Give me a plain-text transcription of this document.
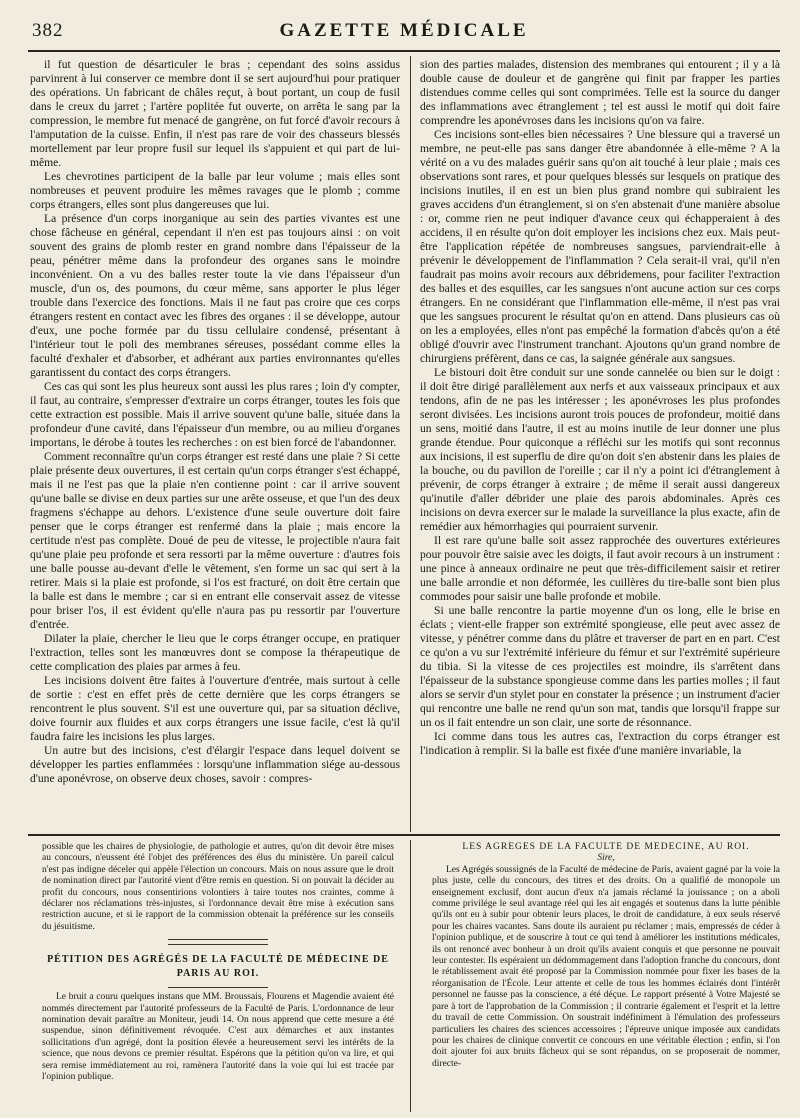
382	GAZETTE MÉDICALE

il fut question de désarticuler le bras ; cependant des soins assidus parvinrent à lui conserver ce membre dont il se sert aujourd'hui pour pratiquer des opérations. Un fabricant de châles reçut, à bout portant, un coup de fusil dans le creux du jarret ; l'artère poplitée fut ouverte, on arrêta le sang par la compression, le membre fut menacé de gangrène, on fut forcé d'avoir recours à l'amputation de la cuisse. Enfin, il n'est pas rare de voir des chasseurs blessés mortellement par leur propre fusil sur lequel ils s'appuient et qui part de lui-même.

Les chevrotines participent de la balle par leur volume ; mais elles sont nombreuses et peuvent produire les mêmes ravages que le plomb ; comme corps étrangers, elles sont plus dangereuses que lui.

La présence d'un corps inorganique au sein des parties vivantes est une chose fâcheuse en général, cependant il n'en est pas toujours ainsi : on voit souvent des grains de plomb rester en grand nombre dans l'épaisseur de la peau, pénétrer même dans la profondeur des organes sans le moindre inconvénient. On a vu des balles rester toute la vie dans l'épaisseur d'un muscle, d'un os, des poumons, du cœur même, sans apporter le plus léger trouble dans l'exercice des fonctions. Mais il ne faut pas croire que ces corps étrangers restent en contact avec les fibres des organes : il se développe, autour d'eux, une poche formée par du tissu cellulaire condensé, présentant à l'intérieur tout le poli des membranes séreuses, possédant comme elles la faculté d'exhaler et d'absorber, et adhérant aux parties environnantes qu'elles garantissent du contact des corps étrangers.

Ces cas qui sont les plus heureux sont aussi les plus rares ; loin d'y compter, il faut, au contraire, s'empresser d'extraire un corps étranger, toutes les fois que cette extraction est possible. Mais il arrive souvent qu'une balle, située dans la profondeur d'une cavité, dans l'épaisseur d'un membre, ou au milieu d'organes importans, le dérobe à toutes les recherches : on est bien forcé de l'abandonner.

Comment reconnaître qu'un corps étranger est resté dans une plaie ? Si cette plaie présente deux ouvertures, il est certain qu'un corps étranger s'est échappé, mais il ne l'est pas que la plaie n'en contienne point : car il arrive souvent qu'une balle se divise en deux parties sur une arête osseuse, et que l'un des deux fragmens s'échappe au dehors. L'existence d'une seule ouverture doit faire penser que le corps étranger est renfermé dans la plaie ; mais encore la certitude n'est pas complète. Doué de peu de vitesse, le projectible n'aura fait qu'une plaie peu profonde et sera ressorti par la même ouverture : d'autres fois une balle pousse au-devant d'elle le vêtement, s'en forme un sac qui sert à la retirer. Mais si la plaie est profonde, si l'os est fracturé, on doit être certain que la balle est dans le membre ; car si en entrant elle conservait assez de vitesse pour briser l'os, il est évident qu'elle n'aura pas pu ressortir par l'ouverture d'entrée.

Dilater la plaie, chercher le lieu que le corps étranger occupe, en pratiquer l'extraction, telles sont les manœuvres dont se compose la thérapeutique de cette complication des plaies par armes à feu.

Les incisions doivent être faites à l'ouverture d'entrée, mais surtout à celle de sortie : c'est en effet près de cette dernière que les corps étrangers se rencontrent le plus souvent. S'il est une ouverture qui, par sa situation déclive, doive fournir aux fluides et aux corps étrangers une issue facile, c'est là qu'il faudra faire les incisions les plus larges.

Un autre but des incisions, c'est d'élargir l'espace dans lequel doivent se développer les parties enflammées : lorsqu'une inflammation siége au-dessous d'une aponévrose, on observe deux choses, savoir : compres-

sion des parties malades, distension des membranes qui entourent ; il y a là double cause de douleur et de gangrène qui finit par frapper les parties distendues comme celles qui sont comprimées. Telle est la source du danger des inflammations avec étranglement ; tel est aussi le motif qui doit faire comprendre les aponévroses dans les incisions qu'on va faire.

Ces incisions sont-elles bien nécessaires ? Une blessure qui a traversé un membre, ne peut-elle pas sans danger être abandonnée à elle-même ? A la vérité on a vu des malades guérir sans qu'on ait touché à leur plaie ; mais ces observations sont rares, et pour quelques blessés sur lesquels on pratique des incisions inutiles, il en est un bien plus grand nombre qui subiraient les graves accidens d'un étranglement, si on s'en abstenait d'une manière absolue : or, comme rien ne peut indiquer d'avance ceux qui échapperaient à des accidens, il en résulte qu'on doit employer les incisions chez eux. Mais peut-être l'application répétée de nombreuses sangsues, parviendrait-elle à prévenir le développement de l'inflammation ? Cela serait-il vrai, qu'il n'en faudrait pas moins avoir recours aux débridemens, pour faciliter l'extraction des balles et des esquilles, car les sangsues n'ont aucune action sur ces corps étrangers. En ne considérant que l'inflammation elle-même, il n'est pas vrai que les sangsues procurent le résultat qu'on en attend. Dans plusieurs cas où on les a employées, elles n'ont pas empêché la formation d'abcès qu'on a été obligé d'ouvrir avec l'instrument tranchant. Ajoutons qu'un grand nombre de chirurgiens préfèrent, dans ce cas, la saignée générale aux sangsues.

Le bistouri doit être conduit sur une sonde cannelée ou bien sur le doigt : il doit être dirigé parallèlement aux nerfs et aux vaisseaux principaux et aux tendons, afin de ne pas les intéresser ; les aponévroses les plus profondes seront divisées. Les incisions auront trois pouces de profondeur, moitié dans un sens, moitié dans l'autre, il est au moins inutile de leur donner une plus grande étendue. Pour quiconque a réfléchi sur les motifs qui sont reconnus aux incisions, il est superflu de dire qu'on doit s'en abstenir dans les plaies de la bouche, ou du pavillon de l'oreille ; car il n'y a point ici d'étranglement à prévenir, de corps étranger à extraire ; de même il serait aussi dangereux qu'inutile d'aller débrider une plaie des parois abdominales. Après ces incisions on devra exercer sur le malade la surveillance la plus exacte, afin de remédier aux hémorrhagies qui pourraient survenir.

Il est rare qu'une balle soit assez rapprochée des ouvertures extérieures pour pouvoir être saisie avec les doigts, il faut avoir recours à un instrument : une pince à anneaux ordinaire ne peut que très-difficilement saisir et retirer une balle arrondie et non déformée, les cuillères du tire-balle sont bien plus commodes pour saisir une balle profonde et mobile.

Si une balle rencontre la partie moyenne d'un os long, elle le brise en éclats ; vient-elle frapper son extrémité spongieuse, elle peut avec assez de vitesse, y pénétrer comme dans du plâtre et traverser de part en en part. C'est ce qu'on a vu sur l'extrémité inférieure du fémur et sur l'extrémité supérieure du tibia. Si la vitesse de ces projectiles est moindre, ils s'arrêtent dans l'épaisseur de la substance spongieuse comme dans les parties molles ; il faut alors se servir d'un stylet pour en constater la présence ; un instrument d'acier qui rencontre une balle ne rend qu'un son mat, tandis que lorsqu'il frappe sur un os il fait entendre un son clair, une sorte de résonnance.

Ici comme dans tous les autres cas, l'extraction du corps étranger est l'indication à remplir. Si la balle est fixée d'une manière invariable, la

possible que les chaires de physiologie, de pathologie et autres, qu'on dit devoir être mises au concours, n'eussent été l'objet des préférences des élus du ministère. Un pareil calcul n'est pas indigne déceler qui appèle l'élection un concours. Mais on nous assure que le droit de nomination direct par l'autorité vient d'être remis en question. Si on pouvait la décider au profit du concours, nous consentirions volontiers à taire toutes nos craintes, comme à déclarer nos réclamations très-injustes, si l'ordonnance devait être mise à exécution sans restriction aucune, et si le rapport de la commission obtenait la préférence sur les conseils du jésuitisme.

PÉTITION DES AGRÉGÉS DE LA FACULTÉ DE MÉDECINE DE PARIS AU ROI.

Le bruit a couru quelques instans que MM. Broussais, Flourens et Magendie avaient été nommés directement par l'autorité professeurs de la Faculté de Paris. L'ordonnance de leur nomination devait paraître au Moniteur, jeudi 14. On nous apprend que cette mesure a été suspendue, sinon définitivement révoquée. C'est aux démarches et aux instantes sollicitations d'un agrégé, dont la position élevée a heureusement servi les intérêts de la science, que nous devons ce premier résultat. Espérons que la pétition qu'on va lire, et qui sera remise immédiatement au roi, ramènera l'autorité dans la voie qui lui est tracée par l'opinion publique.

LES AGRÉGÉS DE LA FACULTÉ DE MÉDECINE, AU ROI.

Sire,

Les Agrégés soussignés de la Faculté de médecine de Paris, avaient gagné par la voie la plus juste, celle du concours, des titres et des droits. On a qualifié de monopole un enseignement exclusif, dont aucun d'eux n'a jamais réclamé la jouissance ; on a aboli comme privilége le seul avantage réel qui les ait engagés et soutenus dans la lutte pénible qu'ils ont eu à subir pour obtenir leurs places, le droit de candidature, à eux seuls réservé pour les chaires vacantes. Sans doute ils auraient pu réclamer ; mais, empressés de céder à l'opinion publique, et de souscrire à tout ce qui tend à améliorer les institutions médicales, ils ont renoncé avec bonheur à un droit qu'ils avaient conquis et que personne ne pouvait leur contester. Ils espéraient un dédommagement dans l'adoption franche du concours, dont le rétablissement avait été proposé par la Commission nommée pour fixer les bases de la réorganisation de l'École. Leur attente et celle de tous les hommes éclairés dont l'intérêt personnel ne fausse pas la conscience, a été déçue. Le rapport présenté à Votre Majesté se pare à tort de l'approbation de la Commission ; il contrarie également et l'esprit et la lettre du travail de cette Commission. On soustrait indéfiniment à l'émulation des professeurs particuliers les chaires des sciences accessoires ; l'épreuve unique imposée aux candidats pour les chaires de clinique convertit ce concours en une véritable élection ; enfin, si l'on doit ajouter foi aux bruits fâcheux qui se sont répandus, on se proposerait de nommer, directe-
